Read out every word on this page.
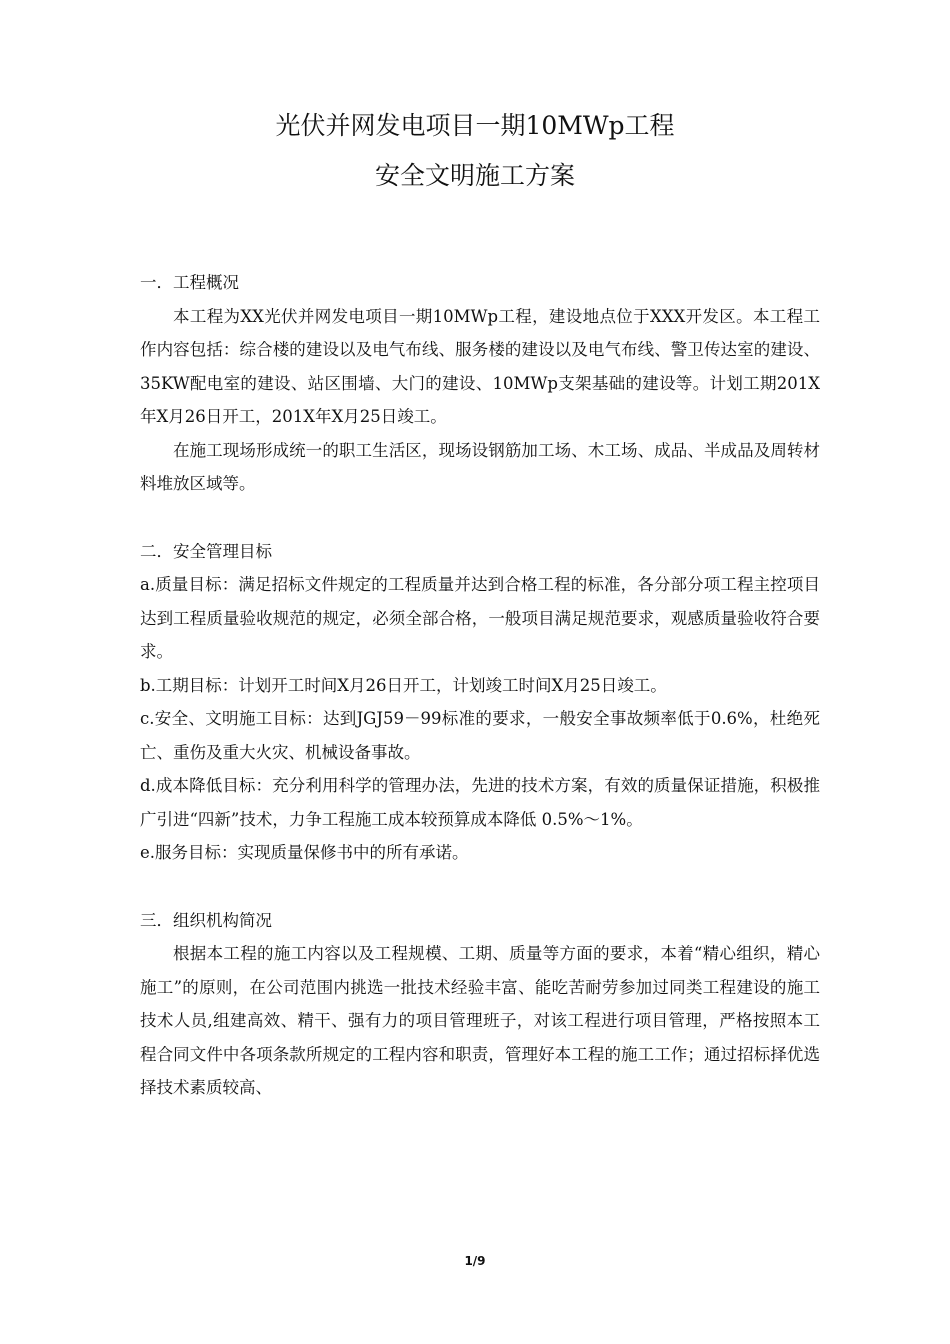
光伏并网发电项目一期10MWp工程
安全文明施工方案

一．工程概况

本工程为XX光伏并网发电项目一期10MWp工程，建设地点位于XXX开发区。本工程工作内容包括：综合楼的建设以及电气布线、服务楼的建设以及电气布线、警卫传达室的建设、35KW配电室的建设、站区围墙、大门的建设、10MWp支架基础的建设等。计划工期201X年X月26日开工，201X年X月25日竣工。

在施工现场形成统一的职工生活区，现场设钢筋加工场、木工场、成品、半成品及周转材料堆放区域等。

二．安全管理目标

a.质量目标：满足招标文件规定的工程质量并达到合格工程的标准，各分部分项工程主控项目达到工程质量验收规范的规定，必须全部合格，一般项目满足规范要求，观感质量验收符合要求。

b.工期目标：计划开工时间X月26日开工，计划竣工时间X月25日竣工。

c.安全、文明施工目标：达到JGJ59－99标准的要求，一般安全事故频率低于0.6%，杜绝死亡、重伤及重大火灾、机械设备事故。

d.成本降低目标：充分利用科学的管理办法，先进的技术方案，有效的质量保证措施，积极推广引进“四新”技术，力争工程施工成本较预算成本降低 0.5%～1%。

e.服务目标：实现质量保修书中的所有承诺。

三．组织机构简况

根据本工程的施工内容以及工程规模、工期、质量等方面的要求，本着“精心组织，精心施工”的原则，在公司范围内挑选一批技术经验丰富、能吃苦耐劳参加过同类工程建设的施工技术人员,组建高效、精干、强有力的项目管理班子，对该工程进行项目管理，严格按照本工程合同文件中各项条款所规定的工程内容和职责，管理好本工程的施工工作；通过招标择优选择技术素质较高、

1/9
